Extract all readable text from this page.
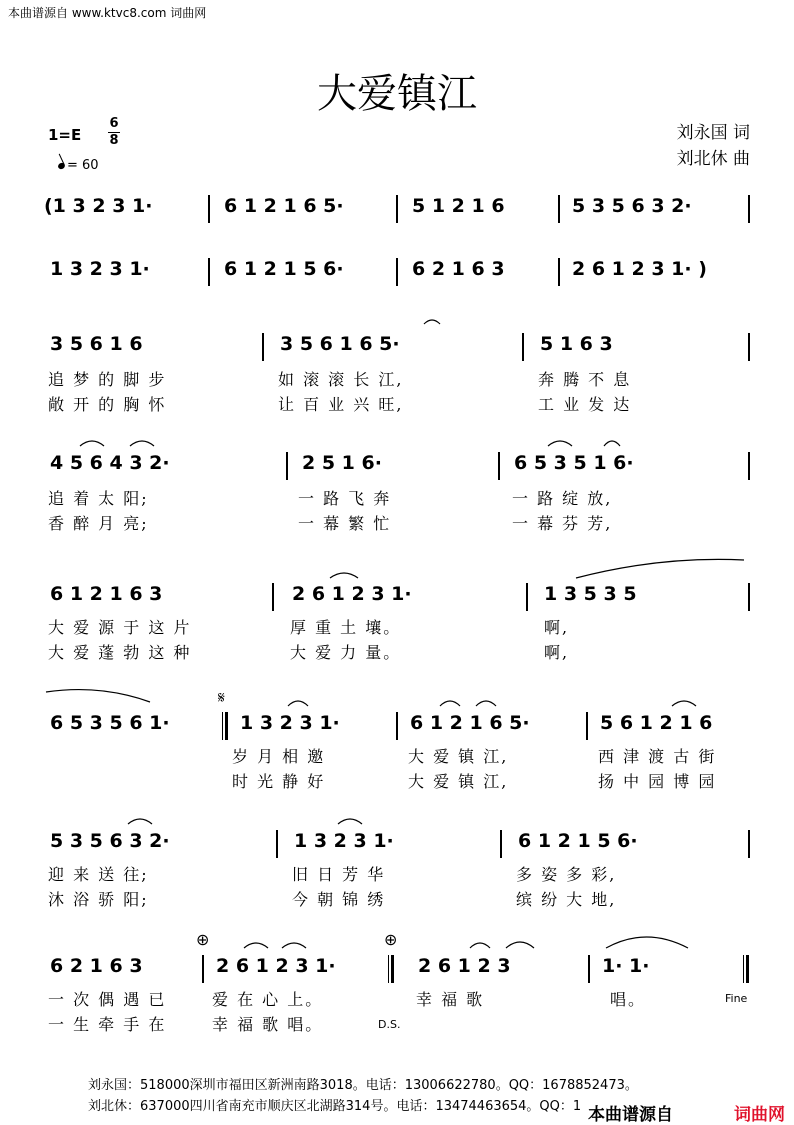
本曲谱源自 www.ktvc8.com 词曲网
大爱镇江
1=E
6
8
= 60
刘永国 词
刘北休 曲
(1 3 2 3 1·	6 1 2 1 6 5·	5 1 2 1 6	5 3 5 6 3 2·
1 3 2 3 1·	6 1 2 1 5 6·	6 2 1 6 3	2 6 1 2 3 1· )
3 5 6 1 6	3 5 6 1 6 5·	5 1 6 3
追 梦 的 脚 步	如 滚 滚 长 江,	奔 腾 不 息
敞 开 的 胸 怀	让 百 业 兴 旺,	工 业 发 达
4 5 6 4 3 2·	2 5 1 6·	6 5 3 5 1 6·
追 着 太 阳;	一 路 飞 奔	一 路 绽 放,
香 醉 月 亮;	一 幕 繁 忙	一 幕 芬 芳,
6 1 2 1 6 3	2 6 1 2 3 1·	1 3 5 3 5
大 爱 源 于 这 片	厚 重 土 壤。	啊,
大 爱 蓬 勃 这 种	大 爱 力 量。	啊,
𝄋
6 5 3 5 6 1·	1 3 2 3 1·	6 1 2 1 6 5·	5 6 1 2 1 6
岁 月 相 邀	大 爱 镇 江,	西 津 渡 古 街
时 光 静 好	大 爱 镇 江,	扬 中 园 博 园
5 3 5 6 3 2·	1 3 2 3 1·	6 1 2 1 5 6·
迎 来 送 往;	旧 日 芳 华	多 姿 多 彩,
沐 浴 骄 阳;	今 朝 锦 绣	缤 纷 大 地,
⊕	⊕
6 2 1 6 3	2 6 1 2 3 1·	2 6 1 2 3	1· 1·
一 次 偶 遇 已	爱 在 心 上。	幸 福 歌	唱。	Fine
一 生 牵 手 在	幸 福 歌 唱。	D.S.
刘永国：518000深圳市福田区新洲南路3018。电话：13006622780。QQ：1678852473。
刘北休：637000四川省南充市顺庆区北湖路314号。电话：13474463654。QQ：1 本曲谱源自	词曲网
